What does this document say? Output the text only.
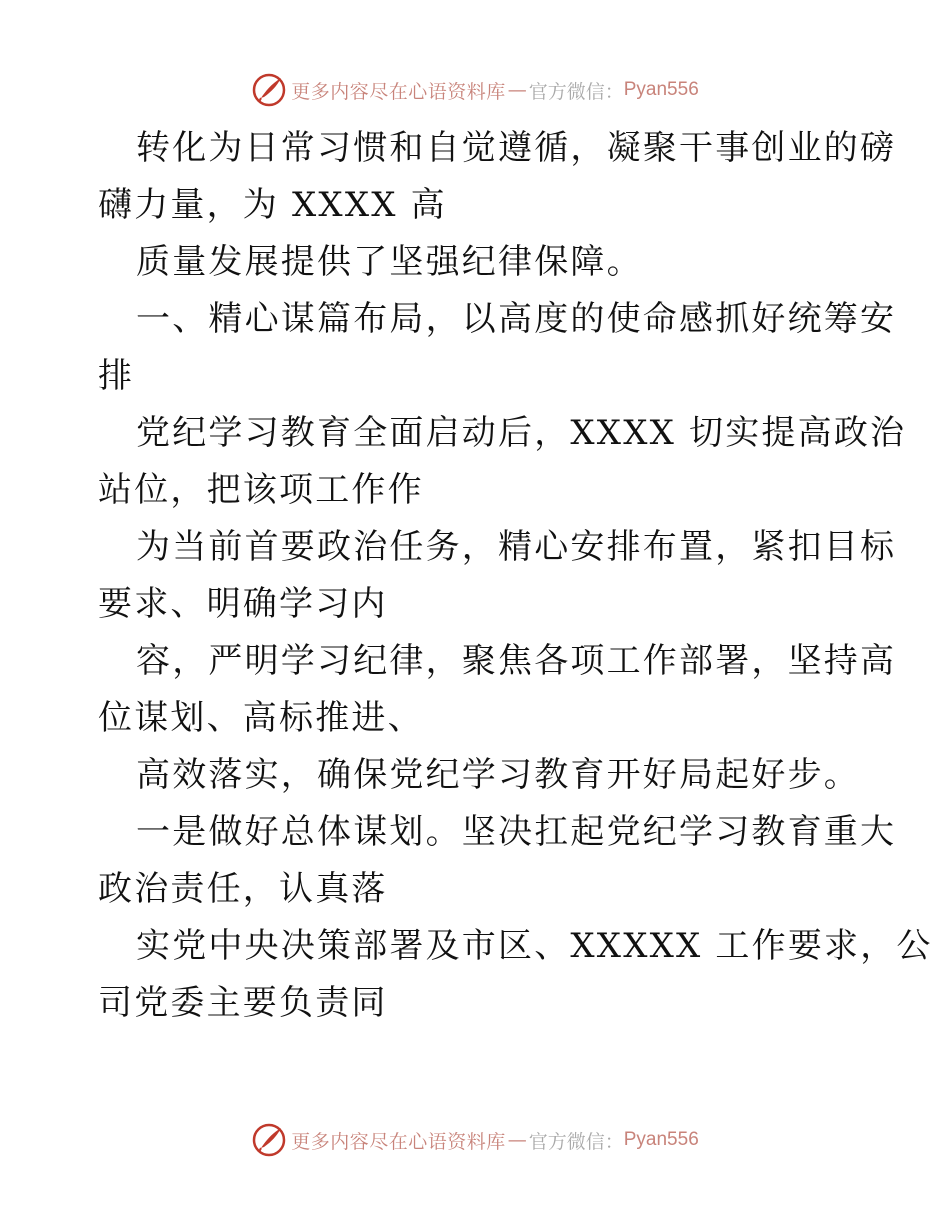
更多内容尽在心语资料库 — 官方微信： Pyan556
转化为日常习惯和自觉遵循，凝聚干事创业的磅
礴力量，为 XXXX 高
质量发展提供了坚强纪律保障。
一、精心谋篇布局，以高度的使命感抓好统筹安
排
党纪学习教育全面启动后，XXXX 切实提高政治
站位，把该项工作作
为当前首要政治任务，精心安排布置，紧扣目标
要求、明确学习内
容，严明学习纪律，聚焦各项工作部署，坚持高
位谋划、高标推进、
高效落实，确保党纪学习教育开好局起好步。
一是做好总体谋划。坚决扛起党纪学习教育重大
政治责任，认真落
实党中央决策部署及市区、XXXXX 工作要求，公
司党委主要负责同
更多内容尽在心语资料库 — 官方微信： Pyan556
